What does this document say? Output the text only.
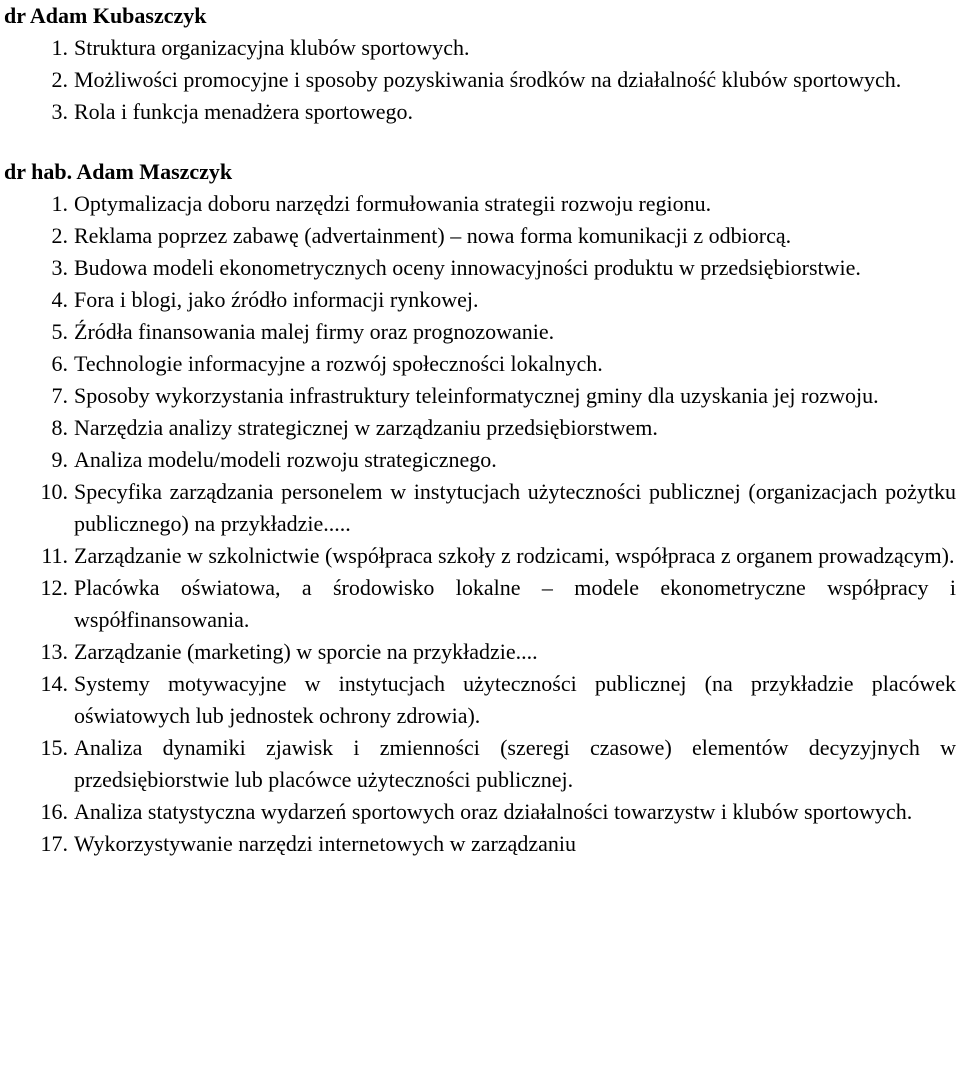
dr Adam Kubaszczyk

1. Struktura organizacyjna klubów sportowych.
2. Możliwości promocyjne i sposoby pozyskiwania środków na działalność klubów sportowych.
3. Rola i funkcja menadżera sportowego.

dr hab. Adam Maszczyk

1. Optymalizacja doboru narzędzi formułowania strategii rozwoju regionu.
2. Reklama poprzez zabawę (advertainment) – nowa forma komunikacji z odbiorcą.
3. Budowa modeli ekonometrycznych oceny innowacyjności produktu w przedsiębiorstwie.
4. Fora i blogi, jako źródło informacji rynkowej.
5. Źródła finansowania malej firmy oraz prognozowanie.
6. Technologie informacyjne a rozwój społeczności lokalnych.
7. Sposoby wykorzystania infrastruktury teleinformatycznej gminy dla uzyskania jej rozwoju.
8. Narzędzia analizy strategicznej w zarządzaniu przedsiębiorstwem.
9. Analiza modelu/modeli rozwoju strategicznego.
10. Specyfika zarządzania personelem w instytucjach użyteczności publicznej (organizacjach pożytku publicznego) na przykładzie.....
11. Zarządzanie w szkolnictwie (współpraca szkoły z rodzicami, współpraca z organem prowadzącym).
12. Placówka oświatowa, a środowisko lokalne – modele ekonometryczne współpracy i współfinansowania.
13. Zarządzanie (marketing) w sporcie na przykładzie....
14. Systemy motywacyjne w instytucjach użyteczności publicznej (na przykładzie placówek oświatowych lub jednostek ochrony zdrowia).
15. Analiza dynamiki zjawisk i zmienności (szeregi czasowe) elementów decyzyjnych w przedsiębiorstwie lub placówce użyteczności publicznej.
16. Analiza statystyczna wydarzeń sportowych oraz działalności towarzystw i klubów sportowych.
17. Wykorzystywanie narzędzi internetowych w zarządzaniu
